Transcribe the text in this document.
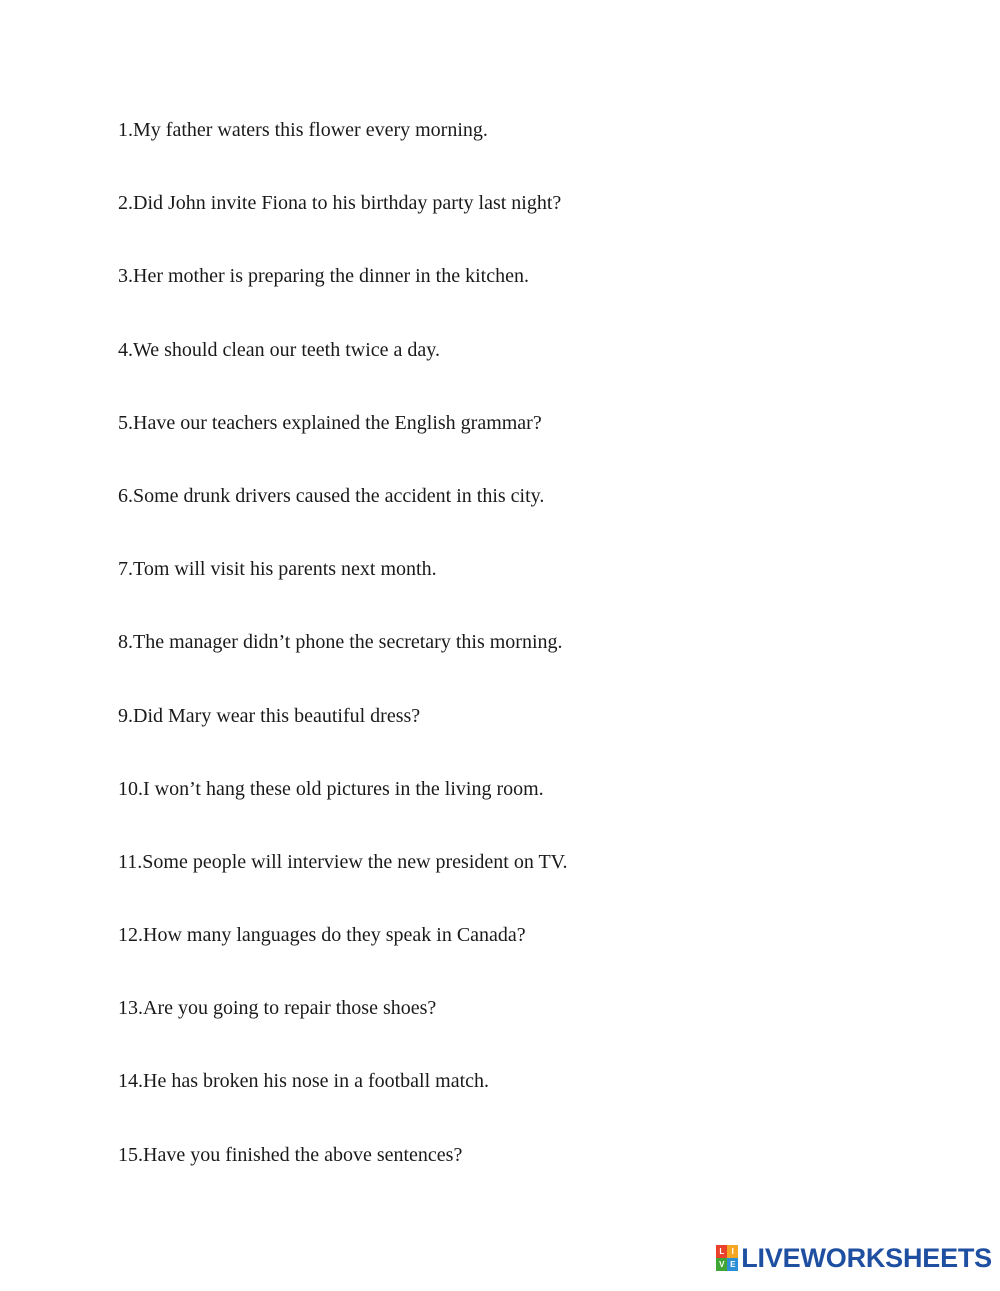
1.My father waters this flower every morning.
2.Did John invite Fiona to his birthday party last night?
3.Her mother is preparing the dinner in the kitchen.
4.We should clean our teeth twice a day.
5.Have our teachers explained the English grammar?
6.Some drunk drivers caused the accident in this city.
7.Tom will visit his parents next month.
8.The manager didn’t phone the secretary this morning.
9.Did Mary wear this beautiful dress?
10.I won’t hang these old pictures in the living room.
11.Some people will interview the new president on TV.
12.How many languages do they speak in Canada?
13.Are you going to repair those shoes?
14.He has broken his nose in a football match.
15.Have you finished the above sentences?
L I
V E LIVEWORKSHEETS
